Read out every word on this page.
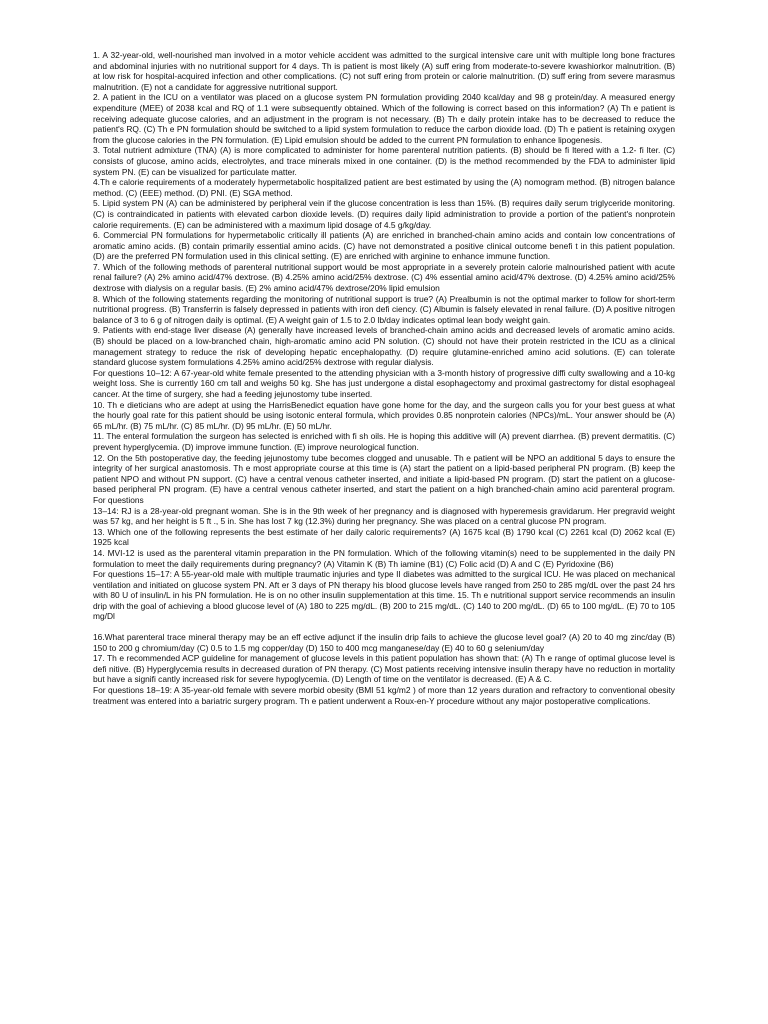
1. A 32-year-old, well-nourished man involved in a motor vehicle accident was admitted to the surgical intensive care unit with multiple long bone fractures and abdominal injuries with no nutritional support for 4 days. Th is patient is most likely (A) suff ering from moderate-to-severe kwashiorkor malnutrition. (B) at low risk for hospital-acquired infection and other complications. (C) not suff ering from protein or calorie malnutrition. (D) suff ering from severe marasmus malnutrition. (E) not a candidate for aggressive nutritional support.

2. A patient in the ICU on a ventilator was placed on a glucose system PN formulation providing 2040 kcal/day and 98 g protein/day. A measured energy expenditure (MEE) of 2038 kcal and RQ of 1.1 were subsequently obtained. Which of the following is correct based on this information? (A) Th e patient is receiving adequate glucose calories, and an adjustment in the program is not necessary. (B) Th e daily protein intake has to be decreased to reduce the patient's RQ. (C) Th e PN formulation should be switched to a lipid system formulation to reduce the carbon dioxide load. (D) Th e patient is retaining oxygen from the glucose calories in the PN formulation. (E) Lipid emulsion should be added to the current PN formulation to enhance lipogenesis.

3. Total nutrient admixture (TNA) (A) is more complicated to administer for home parenteral nutrition patients. (B) should be fi ltered with a 1.2- fi lter. (C) consists of glucose, amino acids, electrolytes, and trace minerals mixed in one container. (D) is the method recommended by the FDA to administer lipid system PN. (E) can be visualized for particulate matter.

4.Th e calorie requirements of a moderately hypermetabolic hospitalized patient are best estimated by using the (A) nomogram method. (B) nitrogen balance method. (C) (EEE) method. (D) PNI. (E) SGA method.

5. Lipid system PN (A) can be administered by peripheral vein if the glucose concentration is less than 15%. (B) requires daily serum triglyceride monitoring. (C) is contraindicated in patients with elevated carbon dioxide levels. (D) requires daily lipid administration to provide a portion of the patient's nonprotein calorie requirements. (E) can be administered with a maximum lipid dosage of 4.5 g/kg/day.

6. Commercial PN formulations for hypermetabolic critically ill patients (A) are enriched in branched-chain amino acids and contain low concentrations of aromatic amino acids. (B) contain primarily essential amino acids. (C) have not demonstrated a positive clinical outcome benefi t in this patient population. (D) are the preferred PN formulation used in this clinical setting. (E) are enriched with arginine to enhance immune function.

7. Which of the following methods of parenteral nutritional support would be most appropriate in a severely protein calorie malnourished patient with acute renal failure? (A) 2% amino acid/47% dextrose. (B) 4.25% amino acid/25% dextrose. (C) 4% essential amino acid/47% dextrose. (D) 4.25% amino acid/25% dextrose with dialysis on a regular basis. (E) 2% amino acid/47% dextrose/20% lipid emulsion

8. Which of the following statements regarding the monitoring of nutritional support is true? (A) Prealbumin is not the optimal marker to follow for short-term nutritional progress. (B) Transferrin is falsely depressed in patients with iron defi ciency. (C) Albumin is falsely elevated in renal failure. (D) A positive nitrogen balance of 3 to 6 g of nitrogen daily is optimal. (E) A weight gain of 1.5 to 2.0 lb/day indicates optimal lean body weight gain.

9. Patients with end-stage liver disease (A) generally have increased levels of branched-chain amino acids and decreased levels of aromatic amino acids. (B) should be placed on a low-branched chain, high-aromatic amino acid PN solution. (C) should not have their protein restricted in the ICU as a clinical management strategy to reduce the risk of developing hepatic encephalopathy. (D) require glutamine-enriched amino acid solutions. (E) can tolerate standard glucose system formulations 4.25% amino acid/25% dextrose with regular dialysis.

For questions 10–12: A 67-year-old white female presented to the attending physician with a 3-month history of progressive diffi culty swallowing and a 10-kg weight loss. She is currently 160 cm tall and weighs 50 kg. She has just undergone a distal esophagectomy and proximal gastrectomy for distal esophageal cancer. At the time of surgery, she had a feeding jejunostomy tube inserted.

10. Th e dieticians who are adept at using the HarrisBenedict equation have gone home for the day, and the surgeon calls you for your best guess at what the hourly goal rate for this patient should be using isotonic enteral formula, which provides 0.85 nonprotein calories (NPCs)/mL. Your answer should be (A) 65 mL/hr. (B) 75 mL/hr. (C) 85 mL/hr. (D) 95 mL/hr. (E) 50 mL/hr.

11. The enteral formulation the surgeon has selected is enriched with fi sh oils. He is hoping this additive will (A) prevent diarrhea. (B) prevent dermatitis. (C) prevent hyperglycemia. (D) improve immune function. (E) improve neurological function.

12. On the 5th postoperative day, the feeding jejunostomy tube becomes clogged and unusable. Th e patient will be NPO an additional 5 days to ensure the integrity of her surgical anastomosis. Th e most appropriate course at this time is (A) start the patient on a lipid-based peripheral PN program. (B) keep the patient NPO and without PN support. (C) have a central venous catheter inserted, and initiate a lipid-based PN program. (D) start the patient on a glucose-based peripheral PN program. (E) have a central venous catheter inserted, and start the patient on a high branched-chain amino acid parenteral program. For questions

13–14: RJ is a 28-year-old pregnant woman. She is in the 9th week of her pregnancy and is diagnosed with hyperemesis gravidarum. Her pregravid weight was 57 kg, and her height is 5 ft ., 5 in. She has lost 7 kg (12.3%) during her pregnancy. She was placed on a central glucose PN program.

13. Which one of the following represents the best estimate of her daily caloric requirements? (A) 1675 kcal (B) 1790 kcal (C) 2261 kcal (D) 2062 kcal (E) 1925 kcal

14. MVI-12 is used as the parenteral vitamin preparation in the PN formulation. Which of the following vitamin(s) need to be supplemented in the daily PN formulation to meet the daily requirements during pregnancy? (A) Vitamin K (B) Th iamine (B1) (C) Folic acid (D) A and C (E) Pyridoxine (B6)

For questions 15–17: A 55-year-old male with multiple traumatic injuries and type II diabetes was admitted to the surgical ICU. He was placed on mechanical ventilation and initiated on glucose system PN. Aft er 3 days of PN therapy his blood glucose levels have ranged from 250 to 285 mg/dL over the past 24 hrs with 80 U of insulin/L in his PN formulation. He is on no other insulin supplementation at this time. 15. Th e nutritional support service recommends an insulin drip with the goal of achieving a blood glucose level of (A) 180 to 225 mg/dL. (B) 200 to 215 mg/dL. (C) 140 to 200 mg/dL. (D) 65 to 100 mg/dL. (E) 70 to 105 mg/Dl

16.What parenteral trace mineral therapy may be an eff ective adjunct if the insulin drip fails to achieve the glucose level goal? (A) 20 to 40 mg zinc/day (B) 150 to 200 g chromium/day (C) 0.5 to 1.5 mg copper/day (D) 150 to 400 mcg manganese/day (E) 40 to 60 g selenium/day

17. Th e recommended ACP guideline for management of glucose levels in this patient population has shown that: (A) Th e range of optimal glucose level is defi nitive. (B) Hyperglycemia results in decreased duration of PN therapy. (C) Most patients receiving intensive insulin therapy have no reduction in mortality but have a signifi cantly increased risk for severe hypoglycemia. (D) Length of time on the ventilator is decreased. (E) A & C.

For questions 18–19: A 35-year-old female with severe morbid obesity (BMI 51 kg/m2 ) of more than 12 years duration and refractory to conventional obesity treatment was entered into a bariatric surgery program. Th e patient underwent a Roux-en-Y procedure without any major postoperative complications.
